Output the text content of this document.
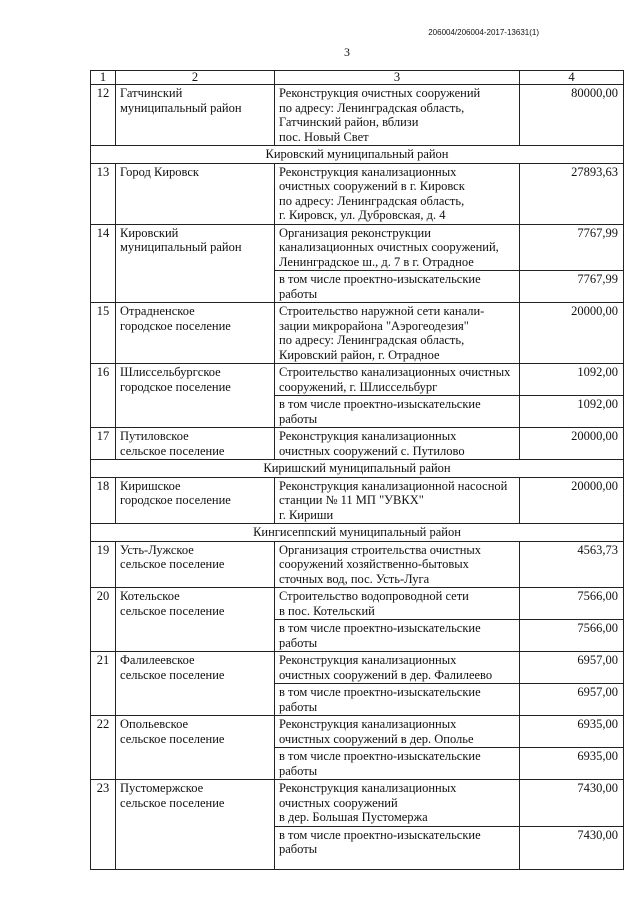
206004/206004-2017-13631(1)
3
1	2	3	4
12	Гатчинский
муниципальный район	Реконструкция очистных сооружений
по адресу: Ленинградская область,
Гатчинский район, вблизи
пос. Новый Свет	80000,00
Кировский муниципальный район			
13	Город Кировск	Реконструкция канализационных
очистных сооружений в г. Кировск
по адресу: Ленинградская область,
г. Кировск, ул. Дубровская, д. 4	27893,63
14	Кировский
муниципальный район	Организация реконструкции
канализационных очистных сооружений,
Ленинградское ш., д. 7 в г. Отрадное	7767,99
		в том числе проектно-изыскательские
работы	7767,99
15	Отрадненское
городское поселение	Строительство наружной сети канали-
зации микрорайона "Аэрогеодезия"
по адресу: Ленинградская область,
Кировский район, г. Отрадное	20000,00
16	Шлиссельбургское
городское поселение	Строительство канализационных очистных
сооружений, г. Шлиссельбург	1092,00
		в том числе проектно-изыскательские
работы	1092,00
17	Путиловское
сельское поселение	Реконструкция канализационных
очистных сооружений с. Путилово	20000,00
Киришский муниципальный район			
18	Киришское
городское поселение	Реконструкция канализационной насосной
станции № 11 МП "УВКХ"
г. Кириши	20000,00
Кингисеппский муниципальный район			
19	Усть-Лужское
сельское поселение	Организация строительства очистных
сооружений хозяйственно-бытовых
сточных вод, пос. Усть-Луга	4563,73
20	Котельское
сельское поселение	Строительство водопроводной сети
в пос. Котельский	7566,00
		в том числе проектно-изыскательские
работы	7566,00
21	Фалилеевское
сельское поселение	Реконструкция канализационных
очистных сооружений в дер. Фалилеево	6957,00
		в том числе проектно-изыскательские
работы	6957,00
22	Опольевское
сельское поселение	Реконструкция канализационных
очистных сооружений в дер. Ополье	6935,00
		в том числе проектно-изыскательские
работы	6935,00
23	Пустомержское
сельское поселение	Реконструкция канализационных
очистных сооружений
в дер. Большая Пустомержа	7430,00
		в том числе проектно-изыскательские
работы	7430,00
